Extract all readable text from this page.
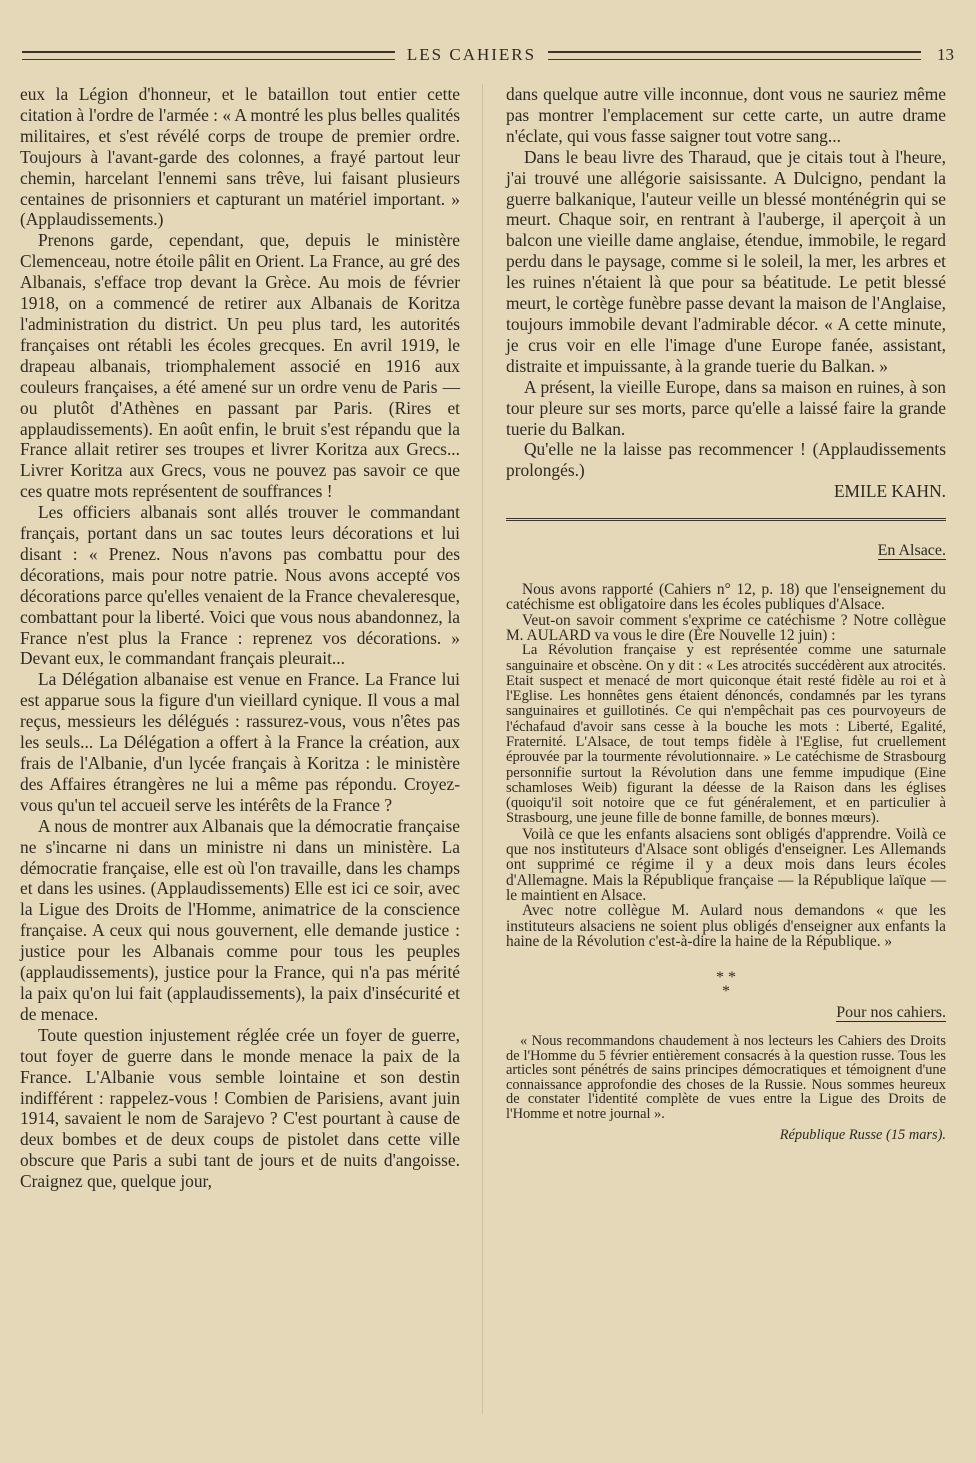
LES CAHIERS	13

eux la Légion d'honneur, et le bataillon tout entier cette citation à l'ordre de l'armée : « A montré les plus belles qualités militaires, et s'est révélé corps de troupe de premier ordre. Toujours à l'avant-garde des colonnes, a frayé partout leur chemin, harcelant l'ennemi sans trêve, lui faisant plusieurs centaines de prisonniers et capturant un matériel important. » (Applaudissements.)

Prenons garde, cependant, que, depuis le ministère Clemenceau, notre étoile pâlit en Orient. La France, au gré des Albanais, s'efface trop devant la Grèce. Au mois de février 1918, on a commencé de retirer aux Albanais de Koritza l'administration du district. Un peu plus tard, les autorités françaises ont rétabli les écoles grecques. En avril 1919, le drapeau albanais, triomphalement associé en 1916 aux couleurs françaises, a été amené sur un ordre venu de Paris — ou plutôt d'Athènes en passant par Paris. (Rires et applaudissements). En août enfin, le bruit s'est répandu que la France allait retirer ses troupes et livrer Koritza aux Grecs... Livrer Koritza aux Grecs, vous ne pouvez pas savoir ce que ces quatre mots représentent de souffrances !

Les officiers albanais sont allés trouver le commandant français, portant dans un sac toutes leurs décorations et lui disant : « Prenez. Nous n'avons pas combattu pour des décorations, mais pour notre patrie. Nous avons accepté vos décorations parce qu'elles venaient de la France chevaleresque, combattant pour la liberté. Voici que vous nous abandonnez, la France n'est plus la France : reprenez vos décorations. » Devant eux, le commandant français pleurait...

La Délégation albanaise est venue en France. La France lui est apparue sous la figure d'un vieillard cynique. Il vous a mal reçus, messieurs les délégués : rassurez-vous, vous n'êtes pas les seuls... La Délégation a offert à la France la création, aux frais de l'Albanie, d'un lycée français à Koritza : le ministère des Affaires étrangères ne lui a même pas répondu. Croyez-vous qu'un tel accueil serve les intérêts de la France ?

A nous de montrer aux Albanais que la démocratie française ne s'incarne ni dans un ministre ni dans un ministère. La démocratie française, elle est où l'on travaille, dans les champs et dans les usines. (Applaudissements) Elle est ici ce soir, avec la Ligue des Droits de l'Homme, animatrice de la conscience française. A ceux qui nous gouvernent, elle demande justice : justice pour les Albanais comme pour tous les peuples (applaudissements), justice pour la France, qui n'a pas mérité la paix qu'on lui fait (applaudissements), la paix d'insécurité et de menace.

Toute question injustement réglée crée un foyer de guerre, tout foyer de guerre dans le monde menace la paix de la France. L'Albanie vous semble lointaine et son destin indifférent : rappelez-vous ! Combien de Parisiens, avant juin 1914, savaient le nom de Sarajevo ? C'est pourtant à cause de deux bombes et de deux coups de pistolet dans cette ville obscure que Paris a subi tant de jours et de nuits d'angoisse. Craignez que, quelque jour,

dans quelque autre ville inconnue, dont vous ne sauriez même pas montrer l'emplacement sur cette carte, un autre drame n'éclate, qui vous fasse saigner tout votre sang...

Dans le beau livre des Tharaud, que je citais tout à l'heure, j'ai trouvé une allégorie saisissante. A Dulcigno, pendant la guerre balkanique, l'auteur veille un blessé monténégrin qui se meurt. Chaque soir, en rentrant à l'auberge, il aperçoit à un balcon une vieille dame anglaise, étendue, immobile, le regard perdu dans le paysage, comme si le soleil, la mer, les arbres et les ruines n'étaient là que pour sa béatitude. Le petit blessé meurt, le cortège funèbre passe devant la maison de l'Anglaise, toujours immobile devant l'admirable décor. « A cette minute, je crus voir en elle l'image d'une Europe fanée, assistant, distraite et impuissante, à la grande tuerie du Balkan. »

A présent, la vieille Europe, dans sa maison en ruines, à son tour pleure sur ses morts, parce qu'elle a laissé faire la grande tuerie du Balkan.

Qu'elle ne la laisse pas recommencer ! (Applaudissements prolongés.)

EMILE KAHN.
En Alsace.

Nous avons rapporté (Cahiers n° 12, p. 18) que l'enseignement du catéchisme est obligatoire dans les écoles publiques d'Alsace.

Veut-on savoir comment s'exprime ce catéchisme ? Notre collègue M. AULARD va vous le dire (Ère Nouvelle 12 juin) :

La Révolution française y est représentée comme une saturnale sanguinaire et obscène. On y dit : « Les atrocités succédèrent aux atrocités. Etait suspect et menacé de mort quiconque était resté fidèle au roi et à l'Eglise. Les honnêtes gens étaient dénoncés, condamnés par les tyrans sanguinaires et guillotinés. Ce qui n'empêchait pas ces pourvoyeurs de l'échafaud d'avoir sans cesse à la bouche les mots : Liberté, Egalité, Fraternité. L'Alsace, de tout temps fidèle à l'Eglise, fut cruellement éprouvée par la tourmente révolutionnaire. » Le catéchisme de Strasbourg personnifie surtout la Révolution dans une femme impudique (Eine schamloses Weib) figurant la déesse de la Raison dans les églises (quoiqu'il soit notoire que ce fut généralement, et en particulier à Strasbourg, une jeune fille de bonne famille, de bonnes mœurs).

Voilà ce que les enfants alsaciens sont obligés d'apprendre. Voilà ce que nos instituteurs d'Alsace sont obligés d'enseigner. Les Allemands ont supprimé ce régime il y a deux mois dans leurs écoles d'Allemagne. Mais la République française — la République laïque — le maintient en Alsace.

Avec notre collègue M. Aulard nous demandons « que les instituteurs alsaciens ne soient plus obligés d'enseigner aux enfants la haine de la Révolution c'est-à-dire la haine de la République. »

* *
*
Pour nos cahiers.

« Nous recommandons chaudement à nos lecteurs les Cahiers des Droits de l'Homme du 5 février entièrement consacrés à la question russe. Tous les articles sont pénétrés de sains principes démocratiques et témoignent d'une connaissance approfondie des choses de la Russie. Nous sommes heureux de constater l'identité complète de vues entre la Ligue des Droits de l'Homme et notre journal ».

République Russe (15 mars).
